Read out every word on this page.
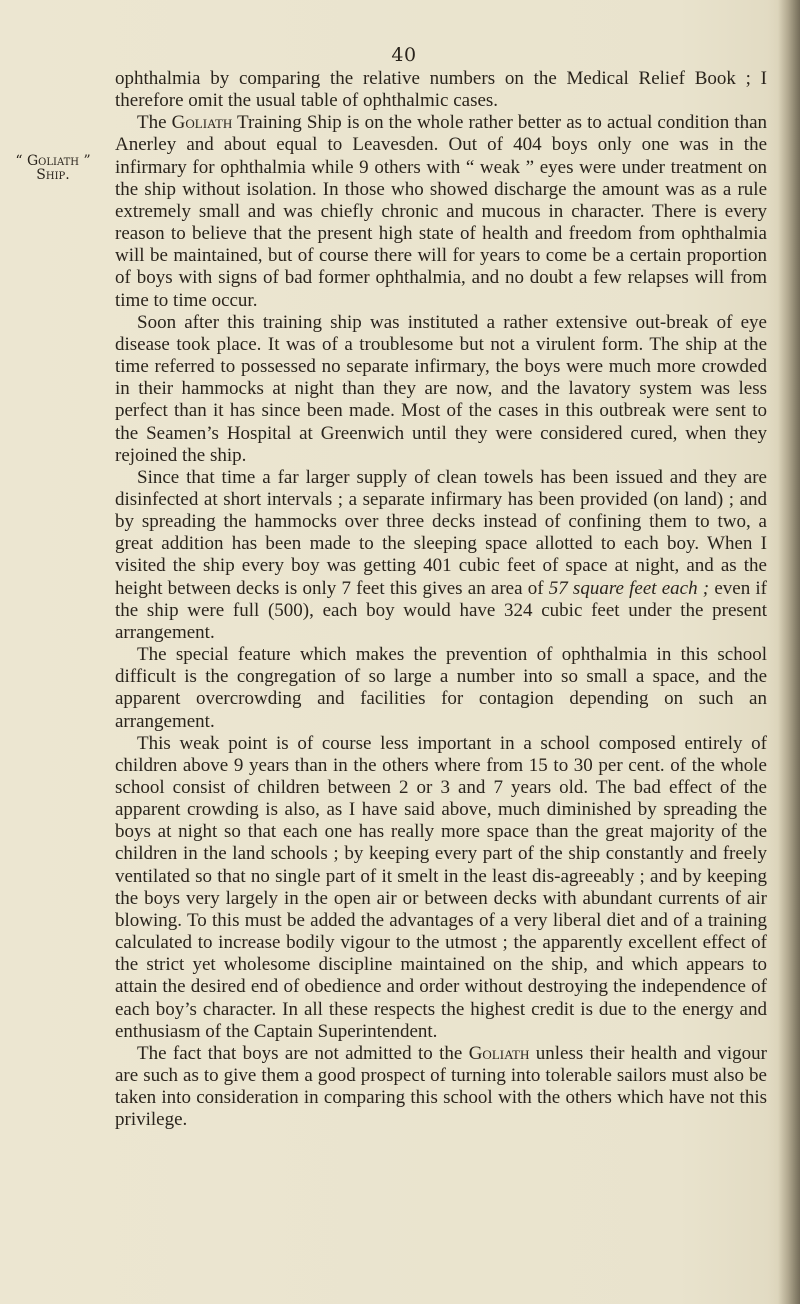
40
“ Goliath ”
Ship.

ophthalmia by comparing the relative numbers on the Medical Relief Book ; I therefore omit the usual table of ophthalmic cases.

The Goliath Training Ship is on the whole rather better as to actual condition than Anerley and about equal to Leavesden. Out of 404 boys only one was in the infirmary for ophthalmia while 9 others with “ weak ” eyes were under treatment on the ship without isolation. In those who showed discharge the amount was as a rule extremely small and was chiefly chronic and mucous in character. There is every reason to believe that the present high state of health and freedom from ophthalmia will be maintained, but of course there will for years to come be a certain proportion of boys with signs of bad former ophthalmia, and no doubt a few relapses will from time to time occur.

Soon after this training ship was instituted a rather extensive out-break of eye disease took place. It was of a troublesome but not a virulent form. The ship at the time referred to possessed no separate infirmary, the boys were much more crowded in their hammocks at night than they are now, and the lavatory system was less perfect than it has since been made. Most of the cases in this outbreak were sent to the Seamen’s Hospital at Greenwich until they were considered cured, when they rejoined the ship.

Since that time a far larger supply of clean towels has been issued and they are disinfected at short intervals ; a separate infirmary has been provided (on land) ; and by spreading the hammocks over three decks instead of confining them to two, a great addition has been made to the sleeping space allotted to each boy. When I visited the ship every boy was getting 401 cubic feet of space at night, and as the height between decks is only 7 feet this gives an area of 57 square feet each ; even if the ship were full (500), each boy would have 324 cubic feet under the present arrangement.

The special feature which makes the prevention of ophthalmia in this school difficult is the congregation of so large a number into so small a space, and the apparent overcrowding and facilities for contagion depending on such an arrangement.

This weak point is of course less important in a school composed entirely of children above 9 years than in the others where from 15 to 30 per cent. of the whole school consist of children between 2 or 3 and 7 years old. The bad effect of the apparent crowding is also, as I have said above, much diminished by spreading the boys at night so that each one has really more space than the great majority of the children in the land schools ; by keeping every part of the ship constantly and freely ventilated so that no single part of it smelt in the least dis-agreeably ; and by keeping the boys very largely in the open air or between decks with abundant currents of air blowing. To this must be added the advantages of a very liberal diet and of a training calculated to increase bodily vigour to the utmost ; the apparently excellent effect of the strict yet wholesome discipline maintained on the ship, and which appears to attain the desired end of obedience and order without destroying the independence of each boy’s character. In all these respects the highest credit is due to the energy and enthusiasm of the Captain Superintendent.

The fact that boys are not admitted to the Goliath unless their health and vigour are such as to give them a good prospect of turning into tolerable sailors must also be taken into consideration in comparing this school with the others which have not this privilege.
